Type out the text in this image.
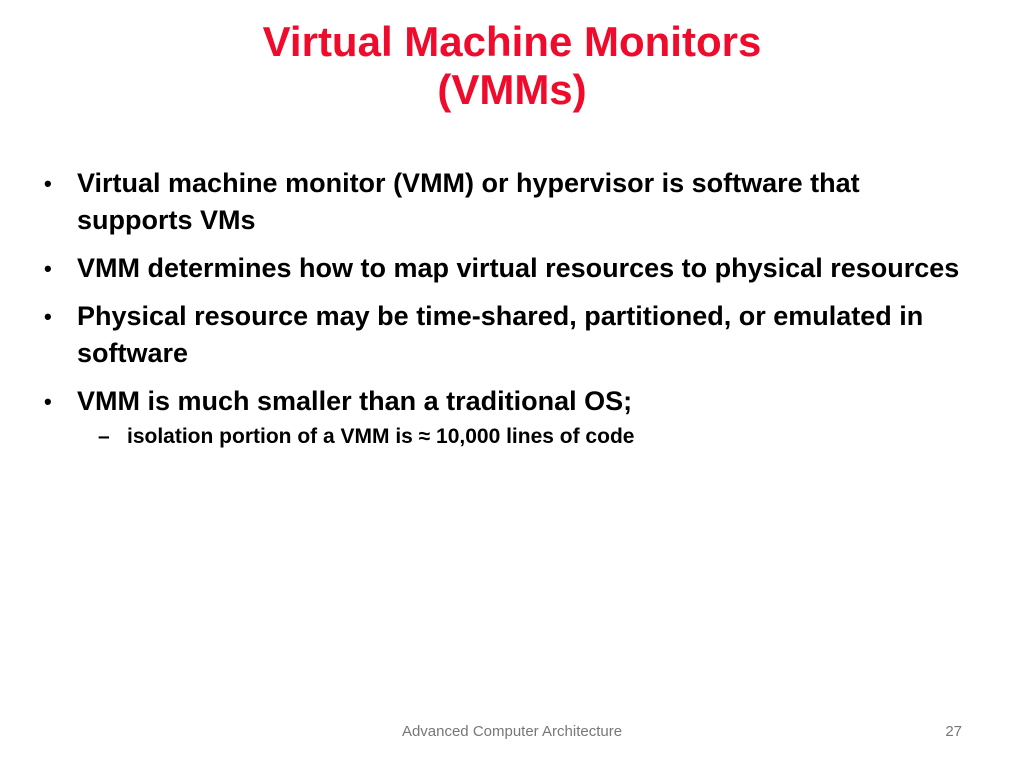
Virtual Machine Monitors
(VMMs)
• Virtual machine monitor (VMM) or hypervisor is software that supports VMs
• VMM determines how to map virtual resources to physical resources
• Physical resource may be time-shared, partitioned, or emulated in software
• VMM is much smaller than a traditional OS;
– isolation portion of a VMM is ≈ 10,000 lines of code
Advanced Computer Architecture	27
